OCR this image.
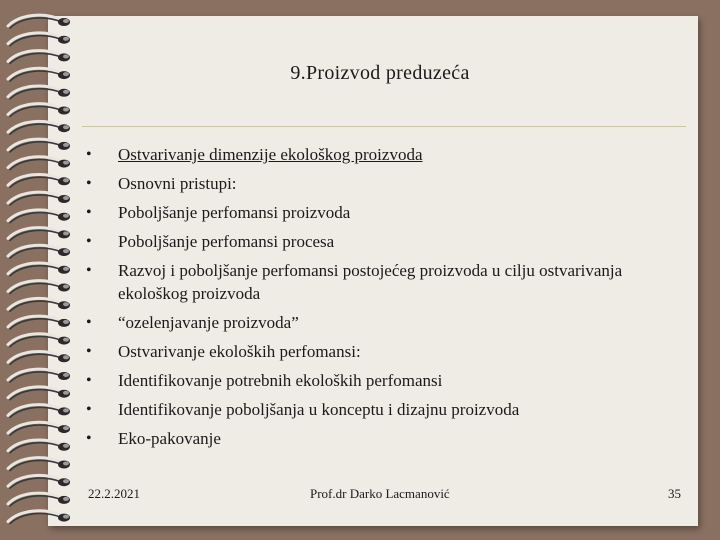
9.Proizvod preduzeća
• Ostvarivanje dimenzije ekološkog proizvoda
• Osnovni pristupi:
• Poboljšanje perfomansi proizvoda
• Poboljšanje perfomansi procesa
• Razvoj i poboljšanje perfomansi postojećeg proizvoda u cilju ostvarivanja ekološkog proizvoda
• “ozelenjavanje proizvoda”
• Ostvarivanje ekoloških perfomansi:
• Identifikovanje potrebnih ekoloških perfomansi
• Identifikovanje poboljšanja u konceptu i dizajnu proizvoda
• Eko-pakovanje
22.2.2021	Prof.dr Darko Lacmanović	35
